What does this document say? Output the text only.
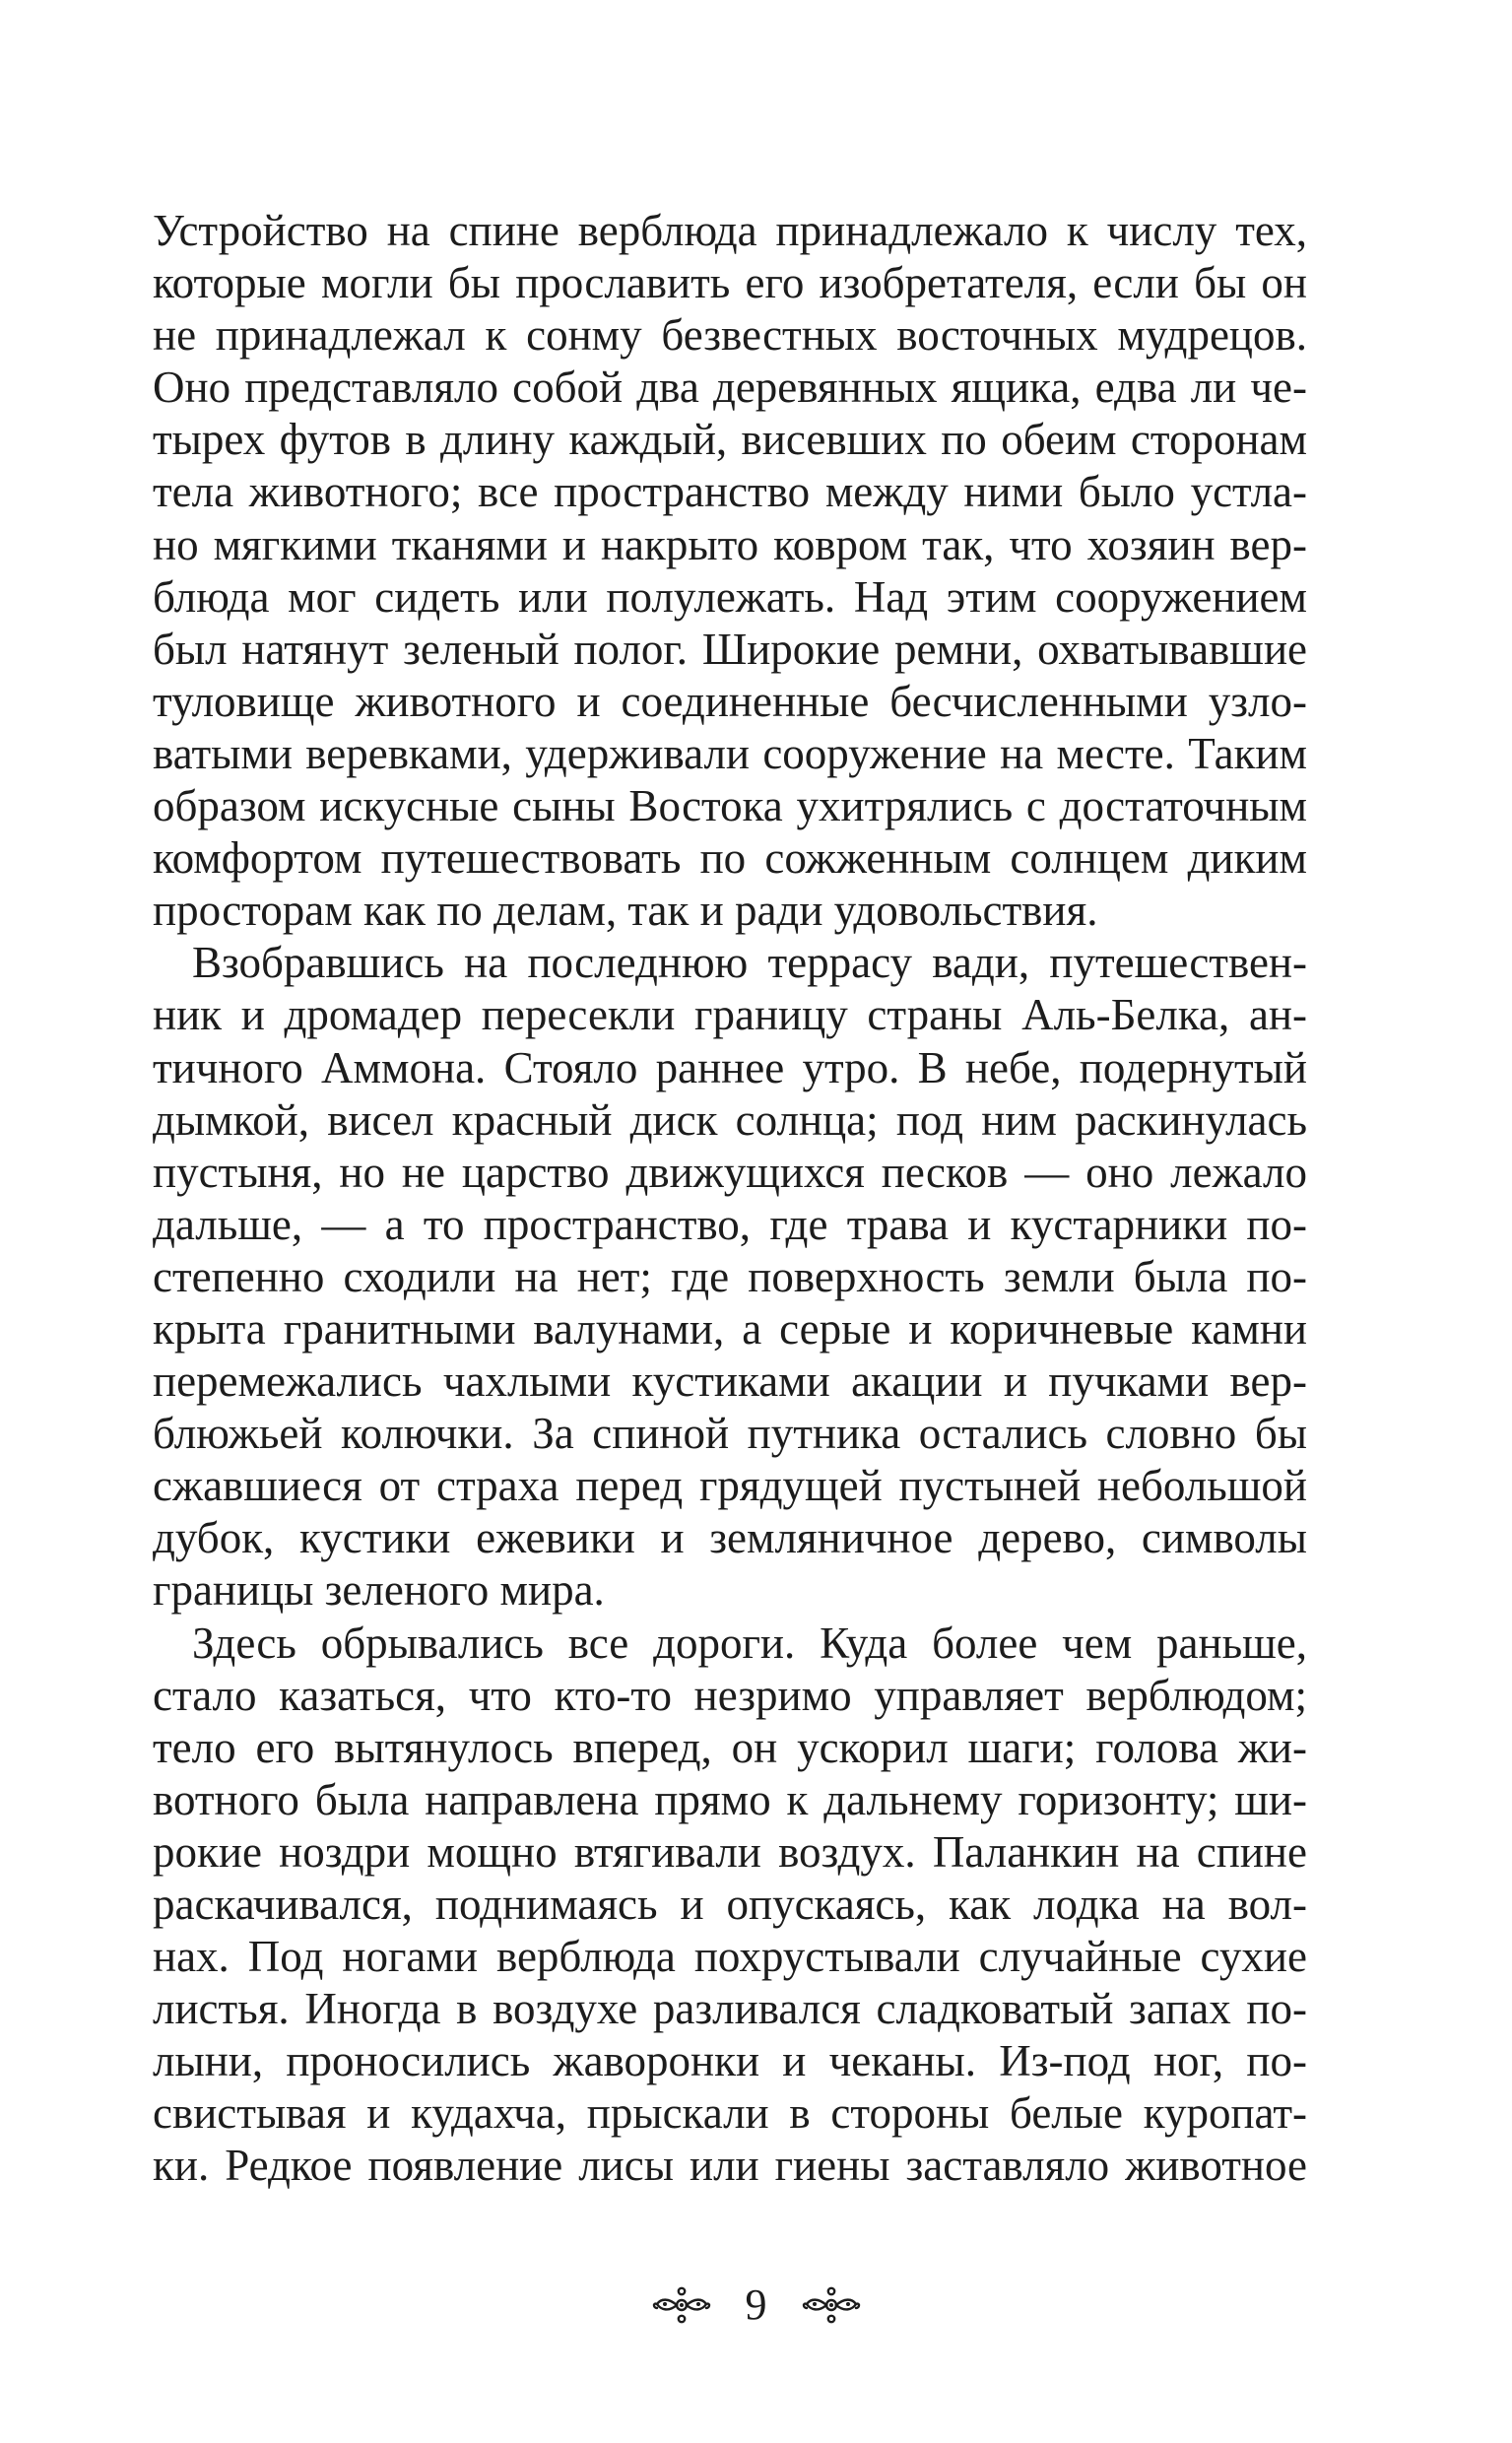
Устройство на спине верблюда принадлежало к числу тех,
которые могли бы прославить его изобретателя, если бы он
не принадлежал к сонму безвестных восточных мудрецов.
Оно представляло собой два деревянных ящика, едва ли че-
тырех футов в длину каждый, висевших по обеим сторонам
тела животного; все пространство между ними было устла-
но мягкими тканями и накрыто ковром так, что хозяин вер-
блюда мог сидеть или полулежать. Над этим сооружением
был натянут зеленый полог. Широкие ремни, охватывавшие
туловище животного и соединенные бесчисленными узло-
ватыми веревками, удерживали сооружение на месте. Таким
образом искусные сыны Востока ухитрялись с достаточным
комфортом путешествовать по сожженным солнцем диким
просторам как по делам, так и ради удовольствия.
Взобравшись на последнюю террасу вади, путешествен-
ник и дромадер пересекли границу страны Аль-Белка, ан-
тичного Аммона. Стояло раннее утро. В небе, подернутый
дымкой, висел красный диск солнца; под ним раскинулась
пустыня, но не царство движущихся песков — оно лежало
дальше, — а то пространство, где трава и кустарники по-
степенно сходили на нет; где поверхность земли была по-
крыта гранитными валунами, а серые и коричневые камни
перемежались чахлыми кустиками акации и пучками вер-
блюжьей колючки. За спиной путника остались словно бы
сжавшиеся от страха перед грядущей пустыней небольшой
дубок, кустики ежевики и земляничное дерево, символы
границы зеленого мира.
Здесь обрывались все дороги. Куда более чем раньше,
стало казаться, что кто-то незримо управляет верблюдом;
тело его вытянулось вперед, он ускорил шаги; голова жи-
вотного была направлена прямо к дальнему горизонту; ши-
рокие ноздри мощно втягивали воздух. Паланкин на спине
раскачивался, поднимаясь и опускаясь, как лодка на вол-
нах. Под ногами верблюда похрустывали случайные сухие
листья. Иногда в воздухе разливался сладковатый запах по-
лыни, проносились жаворонки и чеканы. Из-под ног, по-
свистывая и кудахча, прыскали в стороны белые куропат-
ки. Редкое появление лисы или гиены заставляло животное
9
